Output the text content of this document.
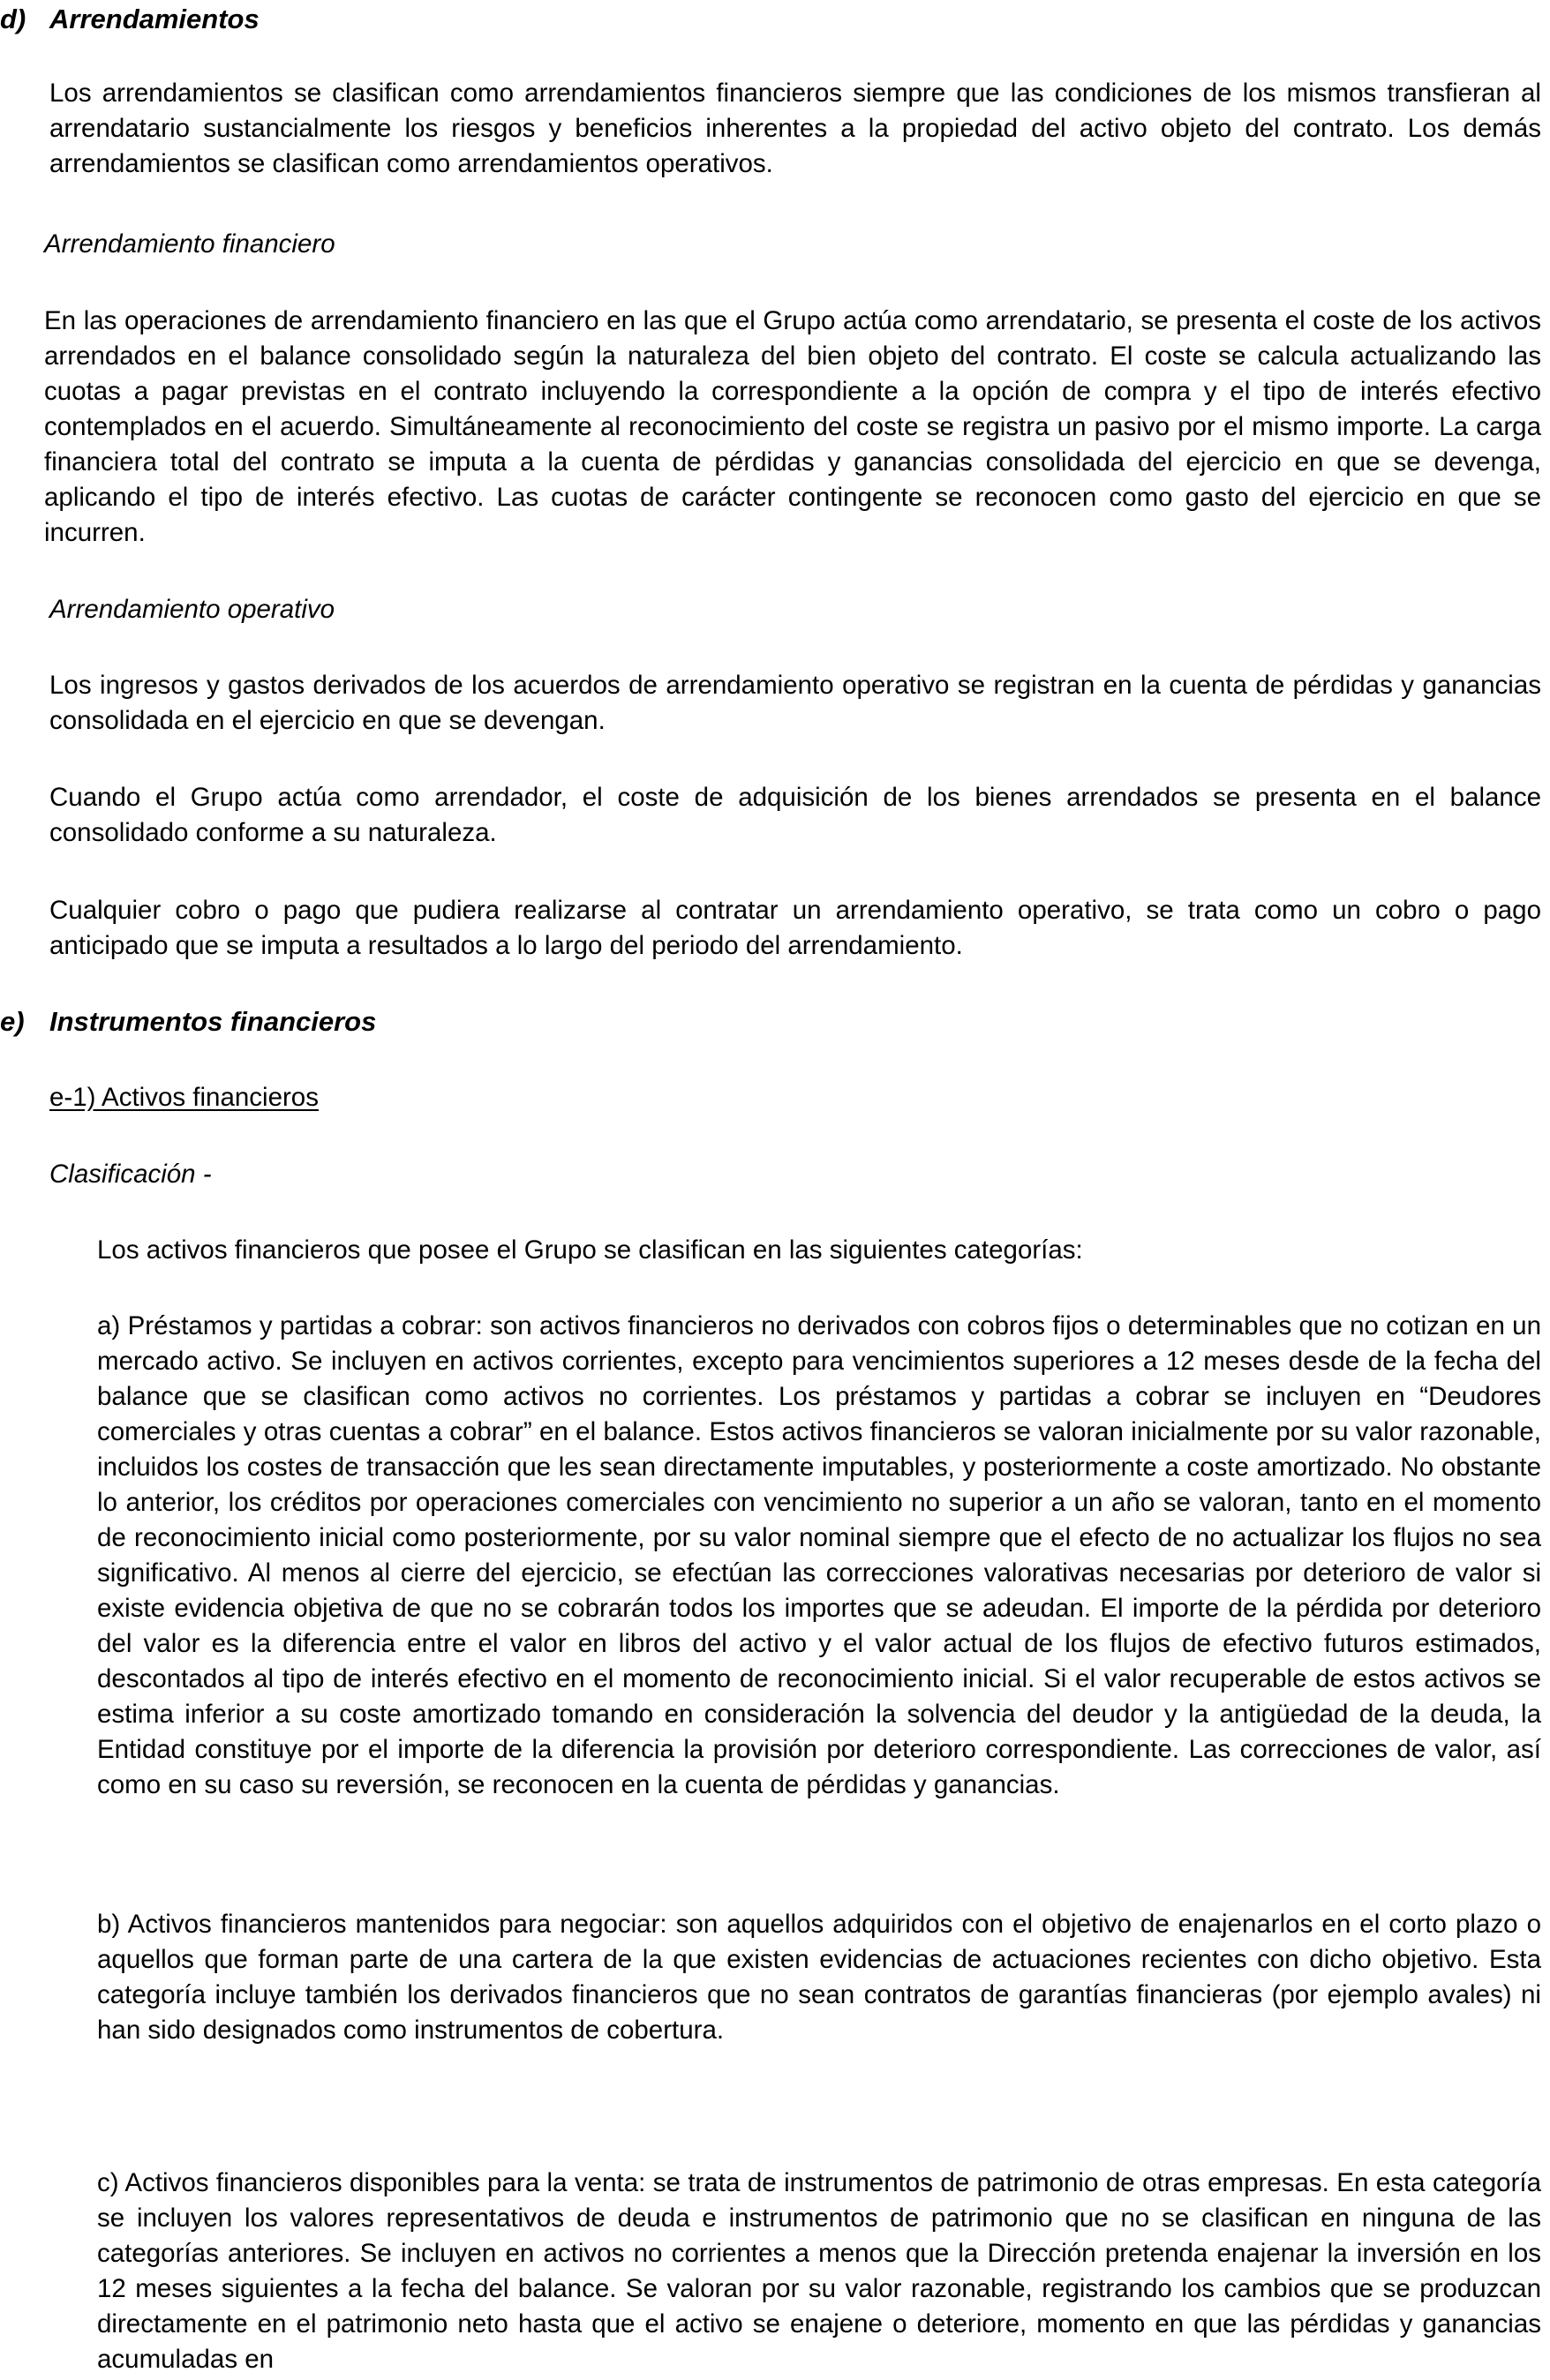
d) Arrendamientos

Los arrendamientos se clasifican como arrendamientos financieros siempre que las condiciones de los mismos transfieran al arrendatario sustancialmente los riesgos y beneficios inherentes a la propiedad del activo objeto del contrato. Los demás arrendamientos se clasifican como arrendamientos operativos.

Arrendamiento financiero

En las operaciones de arrendamiento financiero en las que el Grupo actúa como arrendatario, se presenta el coste de los activos arrendados en el balance consolidado según la naturaleza del bien objeto del contrato. El coste se calcula actualizando las cuotas a pagar previstas en el contrato incluyendo la correspondiente a la opción de compra y el tipo de interés efectivo contemplados en el acuerdo. Simultáneamente al reconocimiento del coste se registra un pasivo por el mismo importe. La carga financiera total del contrato se imputa a la cuenta de pérdidas y ganancias consolidada del ejercicio en que se devenga, aplicando el tipo de interés efectivo. Las cuotas de carácter contingente se reconocen como gasto del ejercicio en que se incurren.

Arrendamiento operativo

Los ingresos y gastos derivados de los acuerdos de arrendamiento operativo se registran en la cuenta de pérdidas y ganancias consolidada en el ejercicio en que se devengan.

Cuando el Grupo actúa como arrendador, el coste de adquisición de los bienes arrendados se presenta en el balance consolidado conforme a su naturaleza.

Cualquier cobro o pago que pudiera realizarse al contratar un arrendamiento operativo, se trata como un cobro o pago anticipado que se imputa a resultados a lo largo del periodo del arrendamiento.

e) Instrumentos financieros
e-1) Activos financieros
Clasificación -

Los activos financieros que posee el Grupo se clasifican en las siguientes categorías:

a) Préstamos y partidas a cobrar: son activos financieros no derivados con cobros fijos o determinables que no cotizan en un mercado activo. Se incluyen en activos corrientes, excepto para vencimientos superiores a 12 meses desde de la fecha del balance que se clasifican como activos no corrientes. Los préstamos y partidas a cobrar se incluyen en “Deudores comerciales y otras cuentas a cobrar” en el balance. Estos activos financieros se valoran inicialmente por su valor razonable, incluidos los costes de transacción que les sean directamente imputables, y posteriormente a coste amortizado. No obstante lo anterior, los créditos por operaciones comerciales con vencimiento no superior a un año se valoran, tanto en el momento de reconocimiento inicial como posteriormente, por su valor nominal siempre que el efecto de no actualizar los flujos no sea significativo. Al menos al cierre del ejercicio, se efectúan las correcciones valorativas necesarias por deterioro de valor si existe evidencia objetiva de que no se cobrarán todos los importes que se adeudan. El importe de la pérdida por deterioro del valor es la diferencia entre el valor en libros del activo y el valor actual de los flujos de efectivo futuros estimados, descontados al tipo de interés efectivo en el momento de reconocimiento inicial. Si el valor recuperable de estos activos se estima inferior a su coste amortizado tomando en consideración la solvencia del deudor y la antigüedad de la deuda, la Entidad constituye por el importe de la diferencia la provisión por deterioro correspondiente. Las correcciones de valor, así como en su caso su reversión, se reconocen en la cuenta de pérdidas y ganancias.

b) Activos financieros mantenidos para negociar: son aquellos adquiridos con el objetivo de enajenarlos en el corto plazo o aquellos que forman parte de una cartera de la que existen evidencias de actuaciones recientes con dicho objetivo. Esta categoría incluye también los derivados financieros que no sean contratos de garantías financieras (por ejemplo avales) ni han sido designados como instrumentos de cobertura.

c) Activos financieros disponibles para la venta: se trata de instrumentos de patrimonio de otras empresas. En esta categoría se incluyen los valores representativos de deuda e instrumentos de patrimonio que no se clasifican en ninguna de las categorías anteriores. Se incluyen en activos no corrientes a menos que la Dirección pretenda enajenar la inversión en los 12 meses siguientes a la fecha del balance. Se valoran por su valor razonable, registrando los cambios que se produzcan directamente en el patrimonio neto hasta que el activo se enajene o deteriore, momento en que las pérdidas y ganancias acumuladas en
